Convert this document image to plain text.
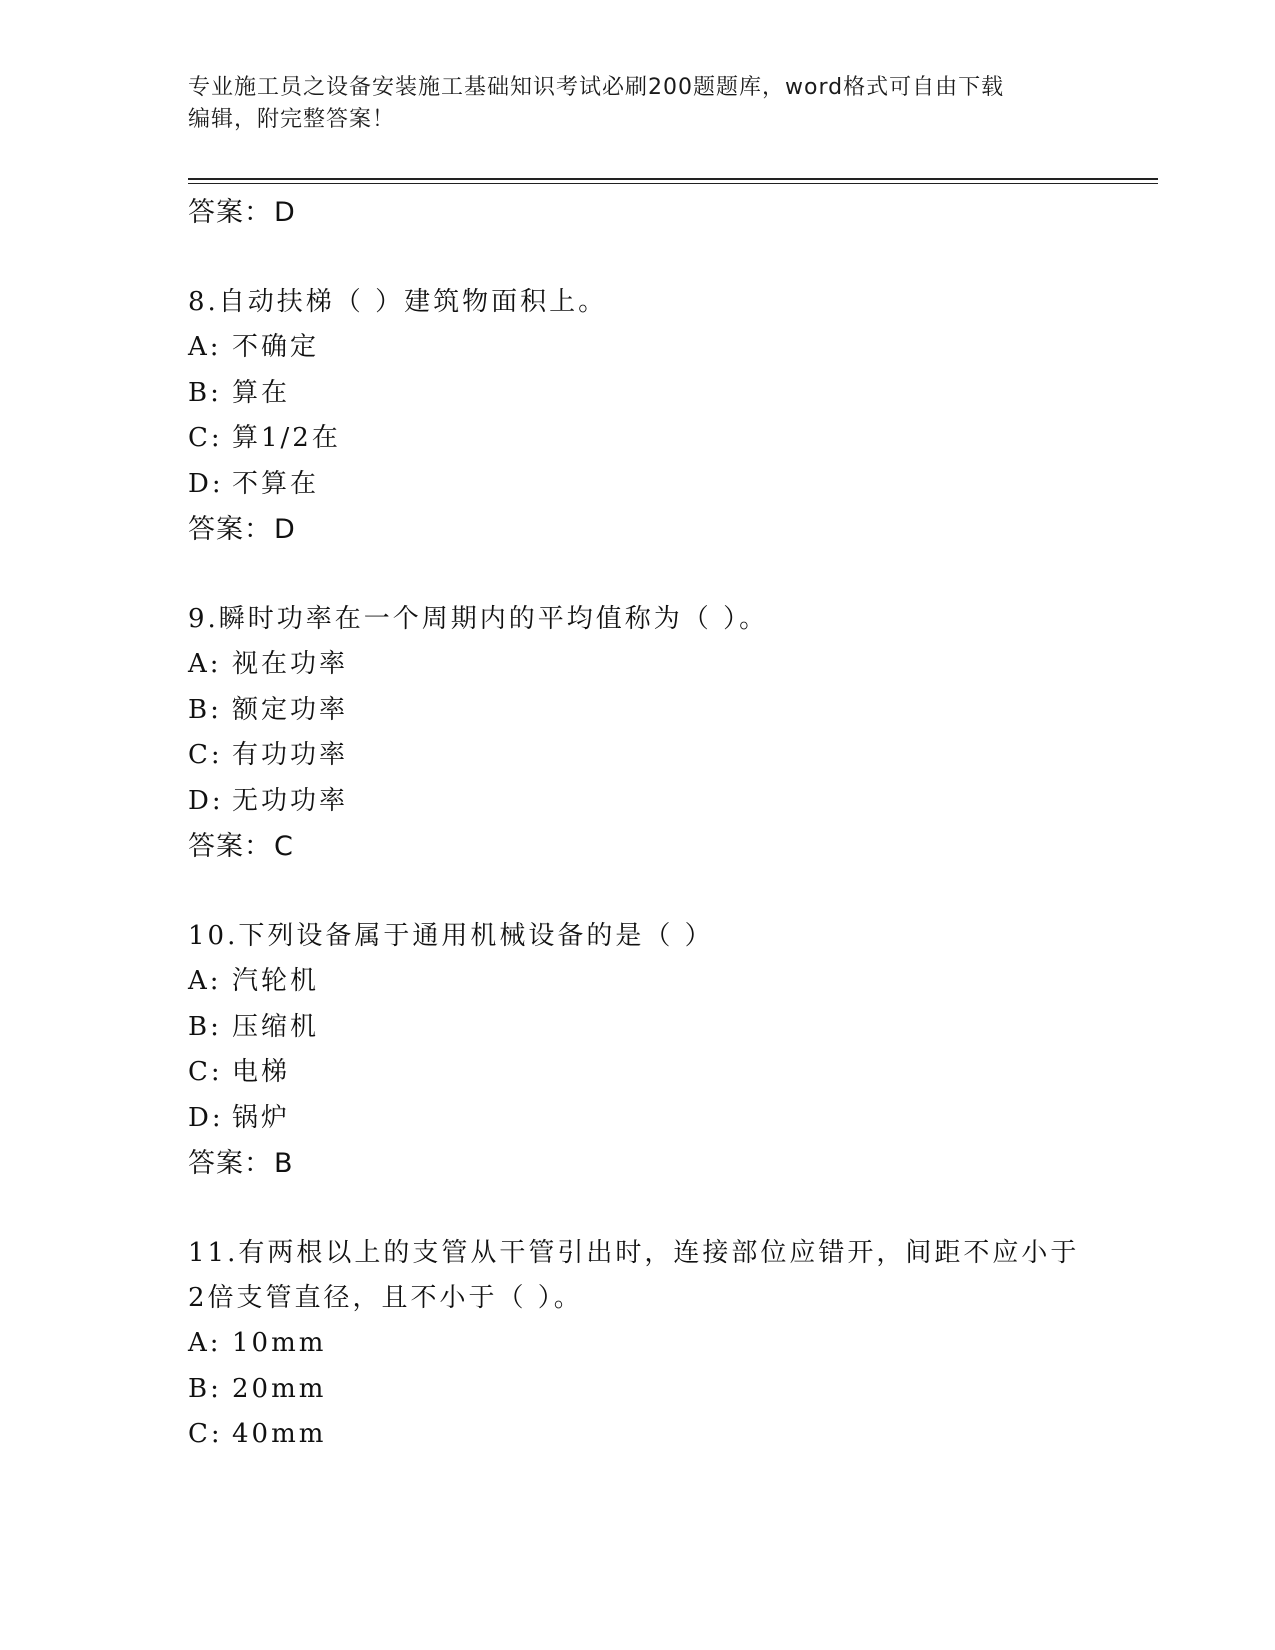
专业施工员之设备安装施工基础知识考试必刷200题题库，word格式可自由下载
编辑，附完整答案！
答案：D
8.自动扶梯（ ）建筑物面积上。
A: 不确定
B: 算在
C: 算1/2在
D: 不算在
答案：D
9.瞬时功率在一个周期内的平均值称为（ ）。
A: 视在功率
B: 额定功率
C: 有功功率
D: 无功功率
答案：C
10.下列设备属于通用机械设备的是（ ）
A: 汽轮机
B: 压缩机
C: 电梯
D: 锅炉
答案：B
11.有两根以上的支管从干管引出时，连接部位应错开，间距不应小于
2倍支管直径，且不小于（ ）。
A: 10mm
B: 20mm
C: 40mm
